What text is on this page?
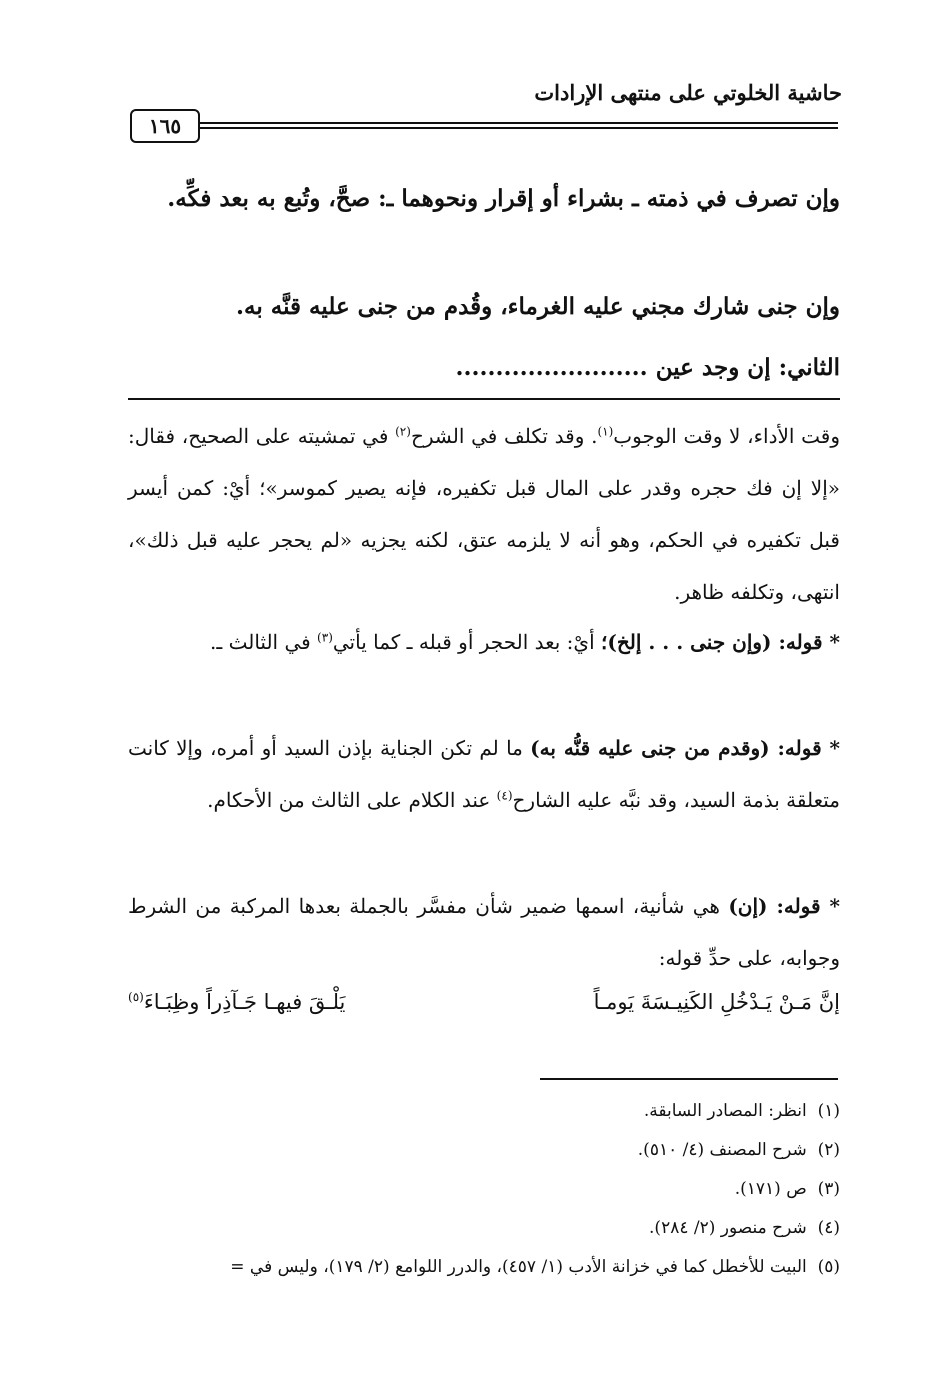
حاشية الخلوتي على منتهى الإرادات
١٦٥

وإن تصرف في ذمته ـ بشراء أو إقرار ونحوهما ـ: صحَّ، وتُبع به بعد فكِّه.

وإن جنى شارك مجني عليه الغرماء، وقُدم من جنى عليه قنَّه به.

الثاني: إن وجد عين ........................

وقت الأداء، لا وقت الوجوب$^{(١)}$. وقد تكلف في الشرح$^{(٢)}$ في تمشيته على الصحيح، فقال: «إلا إن فك حجره وقدر على المال قبل تكفيره، فإنه يصير كموسر»؛ أيْ: كمن أيسر قبل تكفيره في الحكم، وهو أنه لا يلزمه عتق، لكنه يجزيه «لم يحجر عليه قبل ذلك»، انتهى، وتكلفه ظاهر.

* قوله: (وإن جنى . . . إلخ)؛ أيْ: بعد الحجر أو قبله ـ كما يأتي$^{(٣)}$ في الثالث ـ.

* قوله: (وقدم من جنى عليه قنُّه به) ما لم تكن الجناية بإذن السيد أو أمره، وإلا كانت متعلقة بذمة السيد، وقد نبَّه عليه الشارح$^{(٤)}$ عند الكلام على الثالث من الأحكام.

* قوله: (إن) هي شأنية، اسمها ضمير شأن مفسَّر بالجملة بعدها المركبة من الشرط وجوابه، على حدِّ قوله:

إنَّ مَـنْ يَـدْخُلِ الكَنِيـسَةَ يَومـاً
يَلْـقَ فيهـا جَـآذِراً وظِبَـاءَ$^{(٥)}$
(١)  انظر: المصادر السابقة.
(٢)  شرح المصنف (٤/ ٥١٠).
(٣)  ص (١٧١).
(٤)  شرح منصور (٢/ ٢٨٤).
(٥)  البيت للأخطل كما في خزانة الأدب (١/ ٤٥٧)، والدرر اللوامع (٢/ ١٧٩)، وليس في =
